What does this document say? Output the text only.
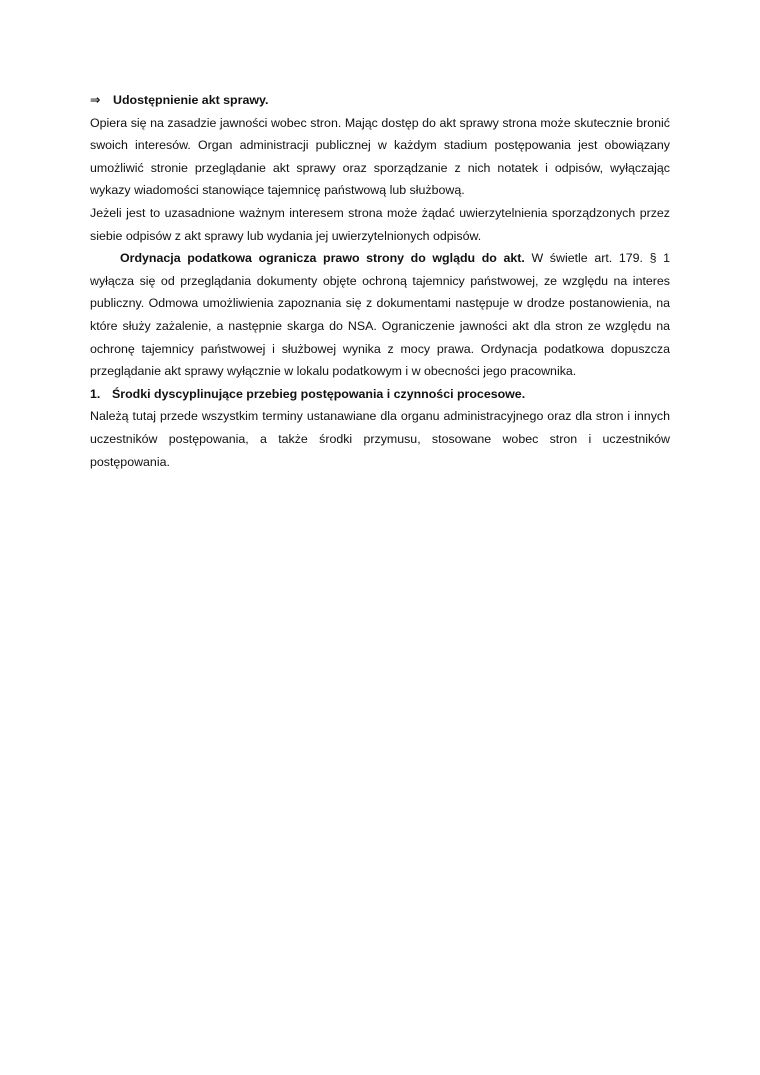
⇒	Udostępnienie akt sprawy.

Opiera się na zasadzie jawności wobec stron. Mając dostęp do akt sprawy strona może skutecznie bronić swoich interesów. Organ administracji publicznej w każdym stadium postępowania jest obowiązany umożliwić stronie przeglądanie akt sprawy oraz sporządzanie z nich notatek i odpisów, wyłączając wykazy wiadomości stanowiące tajemnicę państwową lub służbową.

Jeżeli jest to uzasadnione ważnym interesem strona może żądać uwierzytelnienia sporządzonych przez siebie odpisów z akt sprawy lub wydania jej uwierzytelnionych odpisów.

Ordynacja podatkowa ogranicza prawo strony do wglądu do akt. W świetle art. 179. § 1 wyłącza się od przeglądania dokumenty objęte ochroną tajemnicy państwowej, ze względu na interes publiczny. Odmowa umożliwienia zapoznania się z dokumentami następuje w drodze postanowienia, na które służy zażalenie, a następnie skarga do NSA. Ograniczenie jawności akt dla stron ze względu na ochronę tajemnicy państwowej i służbowej wynika z mocy prawa. Ordynacja podatkowa dopuszcza przeglądanie akt sprawy wyłącznie w lokalu podatkowym i w obecności jego pracownika.

1. Środki dyscyplinujące przebieg postępowania i czynności procesowe.

Należą tutaj przede wszystkim terminy ustanawiane dla organu administracyjnego oraz dla stron i innych uczestników postępowania, a także środki przymusu, stosowane wobec stron i uczestników postępowania.
